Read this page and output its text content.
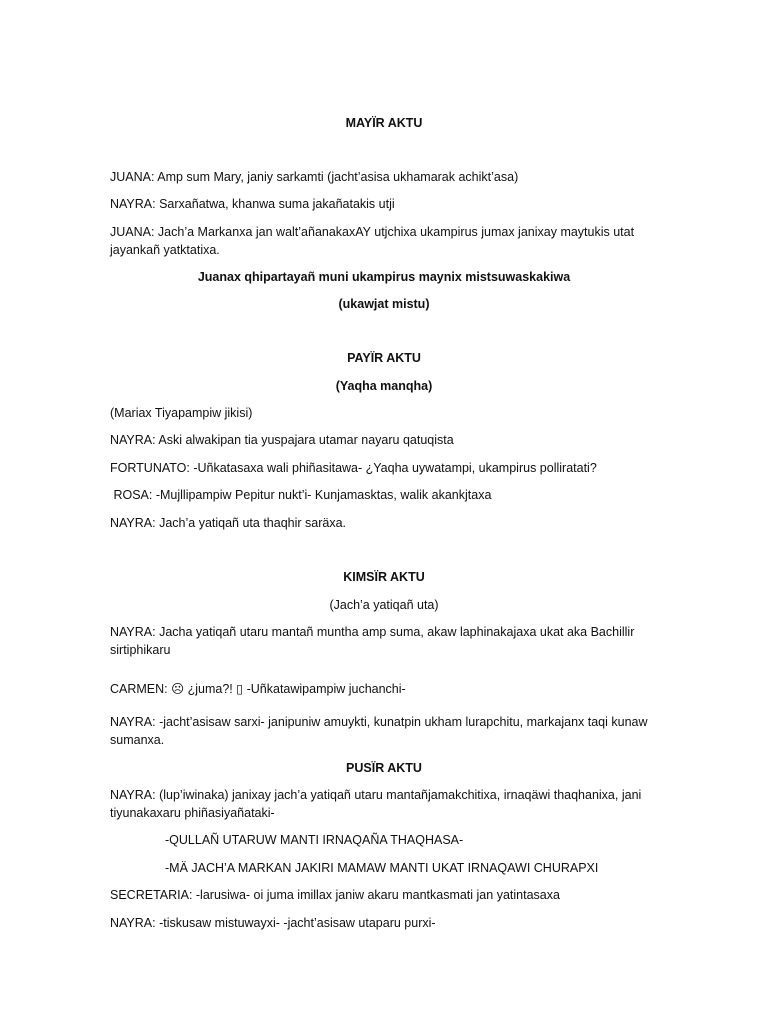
MAYÏR AKTU
JUANA: Amp sum Mary, janiy sarkamti (jacht’asisa ukhamarak achikt’asa)
NAYRA: Sarxañatwa, khanwa suma jakañatakis utji
JUANA: Jach’a Markanxa jan walt’añanakaxAY utjchixa ukampirus jumax janixay maytukis utat jayankañ yatktatixa.
Juanax qhipartayañ muni ukampirus maynix mistsuwaskakiwa
(ukawjat mistu)
PAYÏR AKTU
(Yaqha manqha)
(Mariax Tiyapampiw jikisi)
NAYRA: Aski alwakipan tia yuspajara utamar nayaru qatuqista
FORTUNATO: -Uñkatasaxa wali phiñasitawa- ¿Yaqha uywatampi, ukampirus polliratati?
ROSA: -Mujllipampiw Pepitur nukt’i- Kunjamasktas, walik akankjtaxa
NAYRA: Jach’a yatiqañ uta thaqhir saräxa.
KIMSÏR AKTU
(Jach’a yatiqañ uta)
NAYRA: Jacha yatiqañ utaru mantañ muntha amp suma, akaw laphinakajaxa ukat aka Bachillir sirtiphikaru
CARMEN: ☹ ¿juma?! ▯ -Uñkatawipampiw juchanchi-
NAYRA: -jacht’asisaw sarxi- janipuniw amuykti, kunatpin ukham lurapchitu, markajanx taqi kunaw sumanxa.
PUSÏR AKTU
NAYRA: (lup’iwinaka) janixay jach’a yatiqañ utaru mantañjamakchitixa, irnaqäwi thaqhanixa, jani tiyunakaxaru phiñasiyañataki-
-QULLAÑ UTARUW MANTI IRNAQAÑA THAQHASA-
-MÄ JACH’A MARKAN JAKIRI MAMAW MANTI UKAT IRNAQAWI CHURAPXI
SECRETARIA: -larusiwa- oi juma imillax janiw akaru mantkasmati jan yatintasaxa
NAYRA: -tiskusaw mistuwayxi- -jacht’asisaw utaparu purxi-
